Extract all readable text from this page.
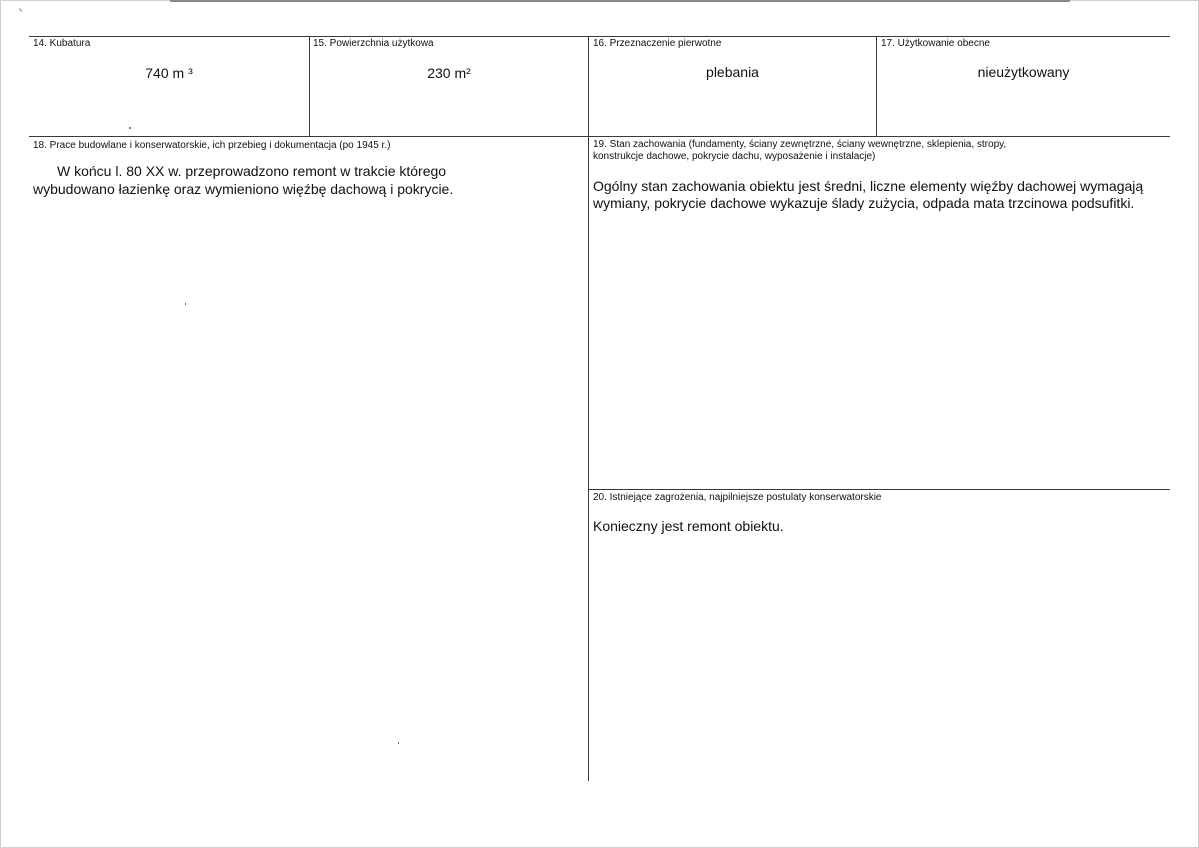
14. Kubatura
740 m ³
15. Powierzchnia użytkowa
230 m²
16. Przeznaczenie pierwotne
plebania
17. Użytkowanie obecne
nieużytkowany
18. Prace budowlane i konserwatorskie, ich przebieg i dokumentacja (po 1945 r.)
W końcu l. 80 XX w. przeprowadzono remont w trakcie którego
wybudowano łazienkę oraz wymieniono więźbę dachową i pokrycie.
19. Stan zachowania (fundamenty, ściany zewnętrzne, ściany wewnętrzne, sklepienia, stropy,
konstrukcje dachowe, pokrycie dachu, wyposażenie i instalacje)
Ogólny stan zachowania obiektu jest średni, liczne elementy więźby dachowej wymagają wymiany, pokrycie dachowe wykazuje ślady zużycia, odpada mata trzcinowa podsufitki.
20. Istniejące zagrożenia, najpilniejsze postulaty konserwatorskie
Konieczny jest remont obiektu.
